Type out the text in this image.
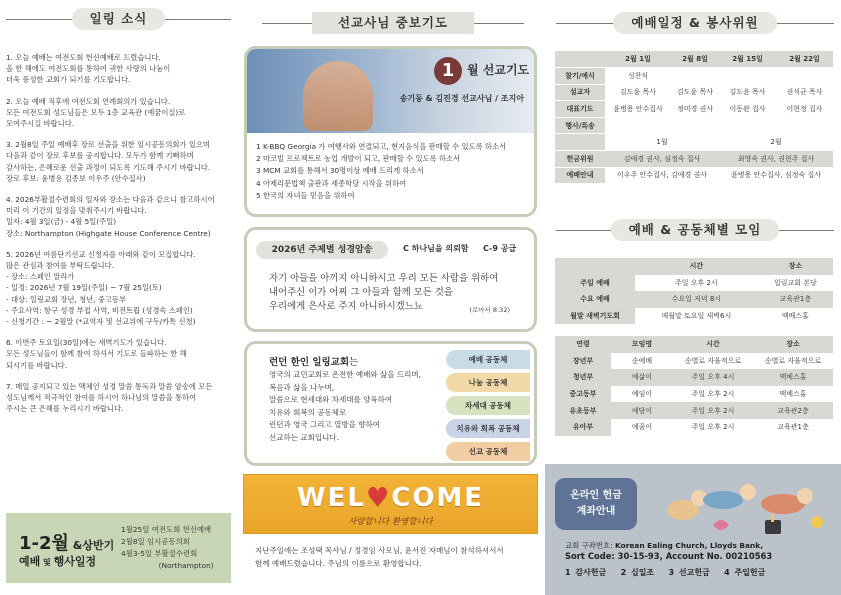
일링 소식
1. 오늘 예배는 여전도회 헌신예배로 드렸습니다.
올 한 해에도 여전도회를 통하여 귀한 사랑의 나눔이
더욱 풍성한 교회가 되기를 기도합니다.
2. 오늘 예배 직후에 여전도회 연례회의가 있습니다.
모든 여전도회 성도님들은 모두 1층 교육관 (예꿈이실)로
모여주시길 바랍니다.
3. 2월8일 주일 예배후 장로 선출을 위한 임시공동의회가 있으며
다음과 같이 장로 후보를 공지합니다. 모두가 함께 기뻐하며
감사하는, 은혜로운 선출 과정이 되도록 기도해 주시기 바랍니다.
장로 후보: 윤병용 김종보 이우주 (안수집사)
4. 2026부활절수련회의 일자와 장소는 다음과 같으니 참고하시어
미리 이 기간의 일정을 맞춰주시기 바랍니다.
일자: 4월 3일(금) - 4월 5일(주일)
장소: Northampton (Highgate House Conference Centre)
5. 2026년 여름단기선교 신청자를 아래와 같이 모집합니다.
많은 관심과 참여를 부탁드립니다.
- 장소: 스페인 말라가
- 일정: 2026년 7월 19일(주일) ~ 7월 25일(토)
- 대상: 일링교회 장년, 청년, 중고등부
- 주요사역: 항구 성경 부접 사역, 비전트립 (성경속 스페인)
- 신청기간 : ~ 2월말 (*교역자 및 선교위에 구두/카톡 신청)
6. 이번주 토요일(30일)에는 새벽기도가 있습니다.
모든 성도님들이 함께 참여 하셔서 기도로 들파하는 한 해
되시기를 바랍니다.
7. 매일 공지되고 있는 맥체인 성경 말씀 통독과 말씀 암송에 모든
성도님께서 적극적인 참여를 하시어 하나님의 말씀을 통하여
주시는 큰 은혜를 누리시기 바랍니다.
1-2월 &상반기
예배 및 행사일정
1월25일 여전도회 헌신예배
2월8일 임시공동의회
4월3-5일 부활절수련회
(Northampton)
선교사님 중보기도
1	월 선교기도
송기동 & 김진경 선교사님 / 조지아
1 K-BBQ Georgia 가 여행사와 연결되고, 현지음식을 판매할 수 있도록 하소서
2 마코빌 프로젝트로 농업 개발이 되고, 판매할 수 있도록 하소서
3 MCM 교회를 통해서 30명이상 예배 드리게 하소서
4 아제리문법책 출판과 세종학당 시작을 위하여
5 한국의 자녀들 믿음을 위하여
2026년 주제별 성경암송	C 하나님을 의뢰함 C-9 공급
자기 아들을 아끼지 아니하시고 우리 모든 사람을 위하여
내어주신 이가 어찌 그 아들과 함께 모든 것을
우리에게 은사로 주지 아니하시겠느뇨	(로마서 8:32)
런던 한인 일링교회는
영국의 교민교회로 온전한 예배와 삶을 드리며,
복음과 삶을 나누며,
말씀으로 현세대와 차세대를 양육하여
치유와 회복의 공동체로
런던과 영국 그리고 열방을 향하여
선교하는 교회입니다.
예배 공동체
나눔 공동체
차세대 공동체
치유와 회복 공동체
선교 공동체
WEL♥COME
사랑합니다 환영합니다
지난주일에는 조성택 목사님 / 정경임 사모님, 윤서진 자매님이 참석하셔서서
함께 예배드렸습니다. 주님의 이름으로 환영합니다.
예배일정 & 봉사위원
	2월 1일	2월 8일	2월 15일	2월 22일
찰기/예식	성찬식			
설교자	김도윤 목사	김도윤 목사	김도윤 목사	권석균 목사
대표기도	윤병용 안수집사	정미경 권사	이동완 집사	이현정 집사
행사/특송				
	1월		2월	
헌금위원	김애경 권사, 심정숙 집사		최영숙 권사, 권현주 집사	
예배안내	이우주 안수집사, 김애경 권사		윤병용 안수집사, 심정숙 집사	
예배 & 공동체별 모임
	시간	장소
주일 예배	주일 오후 2시	일링교회 본당
수요 예배	수요일 저녁 8시	교육관1층
월말 새벽기도회	매월말 토요일 새벽6시	맥베스홀
연령	모임명	시간	장소
장년부	순예배	순별로 자율적으로	순별로 자율적으로
청년부	예삶이	주일 오후 4시	맥베스홀
중고등부	예임이	주일 오후 2시	맥베스홀
유초등부	예담이	주일 오후 2시	교육관2층
유아부	예꿈이	주일 오후 2시	교육관1층
온라인 헌금
계좌안내
교회 구좌번호: Korean Ealing Church, Lloyds Bank,
Sort Code: 30-15-93, Account No. 00210563
1 감사헌금   2 십일조   3 선교헌금   4 주일헌금
